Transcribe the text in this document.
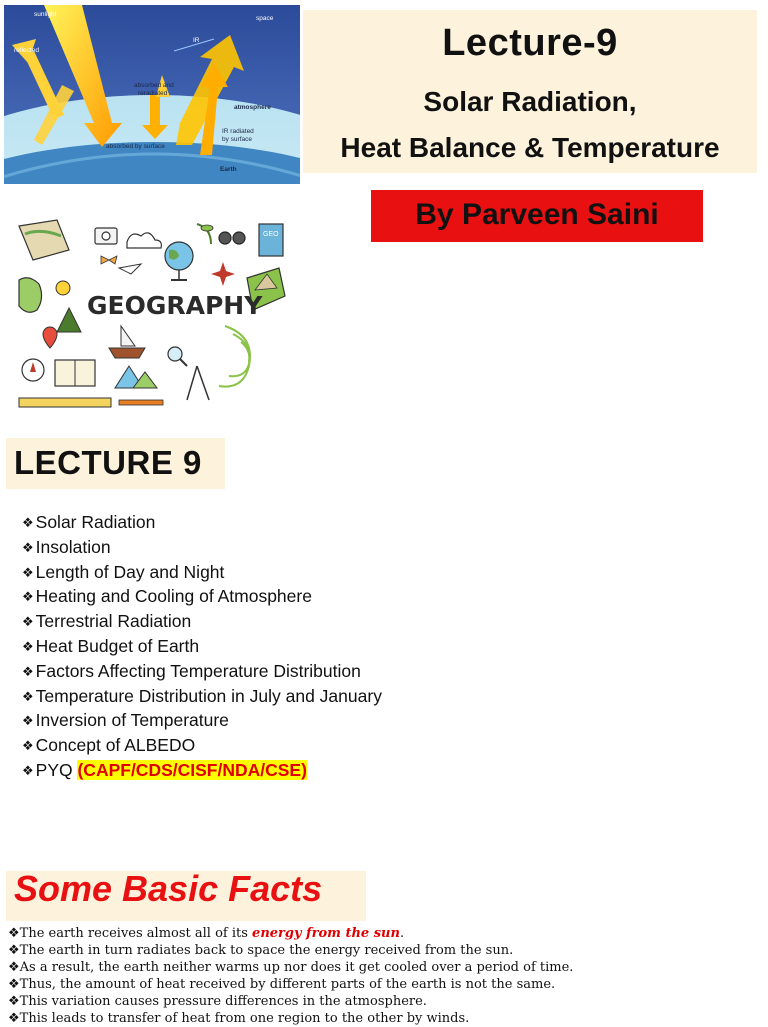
sunlight
space
reflected
IR
absorbed and
reradiated
atmosphere
IR radiated
by surface
absorbed by surface
Earth
Lecture-9
Solar Radiation,
Heat Balance & Temperature
By Parveen Saini
GEO
GEOGRAPHY
LECTURE 9
❖ Solar Radiation
❖ Insolation
❖ Length of Day and Night
❖ Heating and Cooling of Atmosphere
❖ Terrestrial Radiation
❖ Heat Budget of Earth
❖ Factors Affecting Temperature Distribution
❖ Temperature Distribution in July and January
❖ Inversion of Temperature
❖ Concept of ALBEDO
❖ PYQ (CAPF/CDS/CISF/NDA/CSE)
Some Basic Facts
❖The earth receives almost all of its energy from the sun.
❖The earth in turn radiates back to space the energy received from the sun.
❖As a result, the earth neither warms up nor does it get cooled over a period of time.
❖Thus, the amount of heat received by different parts of the earth is not the same.
❖This variation causes pressure differences in the atmosphere.
❖This leads to transfer of heat from one region to the other by winds.
